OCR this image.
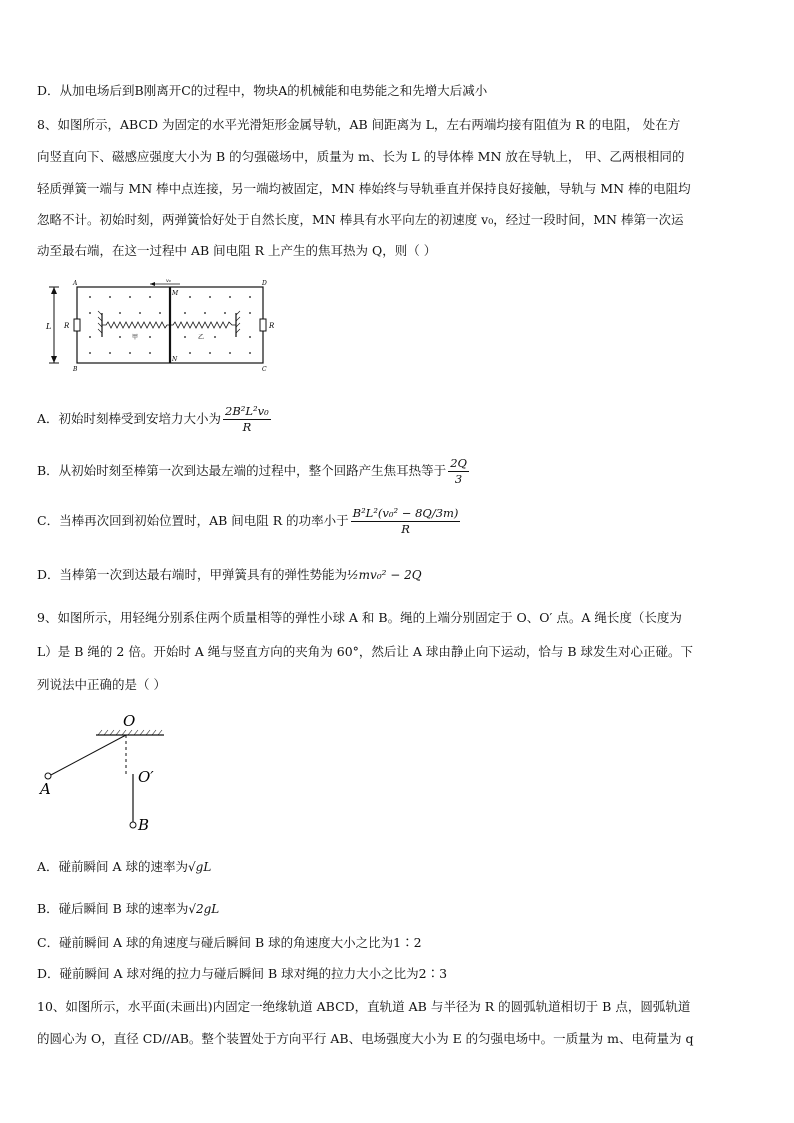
D．从加电场后到B刚离开C的过程中，物块A的机械能和电势能之和先增大后减小
8、如图所示，ABCD 为固定的水平光滑矩形金属导轨，AB 间距离为 L，左右两端均接有阻值为 R 的电阻， 处在方
向竖直向下、磁感应强度大小为 B 的匀强磁场中，质量为 m、长为 L 的导体棒 MN 放在导轨上， 甲、乙两根相同的
轻质弹簧一端与 MN 棒中点连接，另一端均被固定，MN 棒始终与导轨垂直并保持良好接触，导轨与 MN 棒的电阻均
忽略不计。初始时刻，两弹簧恰好处于自然长度，MN 棒具有水平向左的初速度 v₀，经过一段时间，MN 棒第一次运
动至最右端，在这一过程中 AB 间电阻 R 上产生的焦耳热为 Q，则（ ）
L R	R
A
B	C
D
M
N
v₀
甲	乙
A．初始时刻棒受到安培力大小为 $\frac{\text{2B²L²v₀}}{R}$
B．从初始时刻至棒第一次到达最左端的过程中，整个回路产生焦耳热等于 $\frac{2Q}{3}$
C．当棒再次回到初始位置时，AB 间电阻 R 的功率小于 $\frac{\text{B²L²(v₀² − 8Q/3m)}}{R}$
D．当棒第一次到达最右端时，甲弹簧具有的弹性势能为½mv₀² − 2Q
9、如图所示，用轻绳分别系住两个质量相等的弹性小球 A 和 B。绳的上端分别固定于 O、O′ 点。A 绳长度（长度为
L）是 B 绳的 2 倍。开始时 A 绳与竖直方向的夹角为 60°，然后让 A 球由静止向下运动，恰与 B 球发生对心正碰。下
列说法中正确的是（ ）
O
A
O′
B
A．碰前瞬间 A 球的速率为√gL
B．碰后瞬间 B 球的速率为√2gL
C．碰前瞬间 A 球的角速度与碰后瞬间 B 球的角速度大小之比为1∶2
D．碰前瞬间 A 球对绳的拉力与碰后瞬间 B 球对绳的拉力大小之比为2∶3
10、如图所示，水平面(未画出)内固定一绝缘轨道 ABCD，直轨道 AB 与半径为 R 的圆弧轨道相切于 B 点，圆弧轨道
的圆心为 O，直径 CD//AB。整个装置处于方向平行 AB、电场强度大小为 E 的匀强电场中。一质量为 m、电荷量为 q
